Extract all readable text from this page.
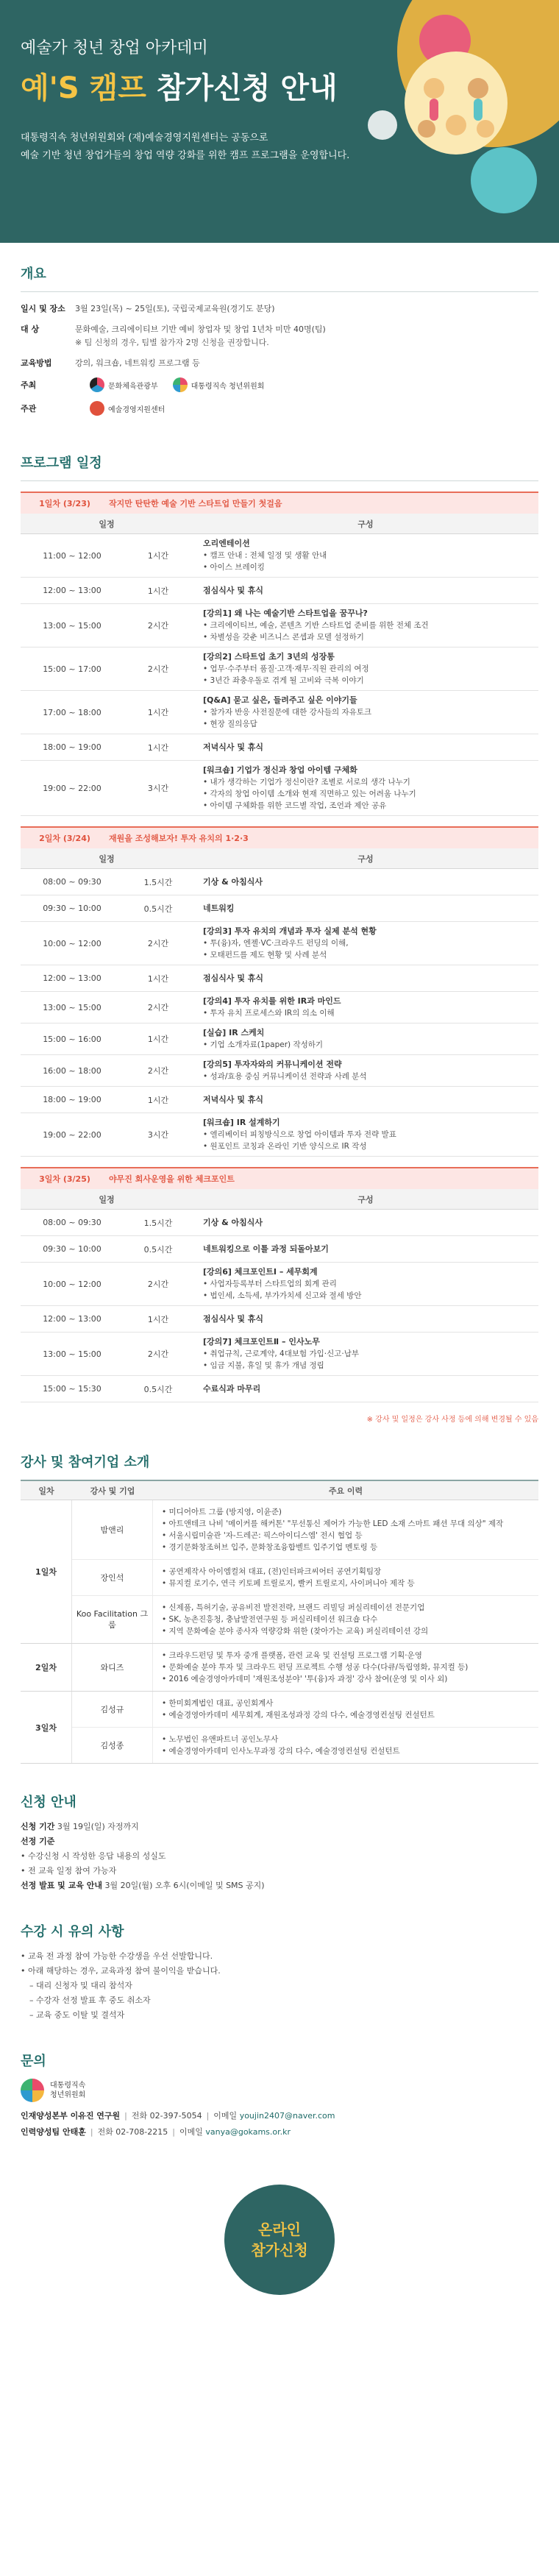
예술가 청년 창업 아카데미
예'S 캠프 참가신청 안내
대통령직속 청년위원회와 (재)예술경영지원센터는 공동으로
예술 기반 청년 창업가들의 창업 역량 강화를 위한 캠프 프로그램을 운영합니다.
개요
일시 및 장소	3월 23일(목) ~ 25일(토), 국립국제교육원(경기도 분당)
대 상	문화예술, 크리에이티브 기반 예비 창업자 및 창업 1년차 미만 40명(팀)
※ 팀 신청의 경우, 팀별 참가자 2명 신청을 권장합니다.
교육방법	강의, 워크숍, 네트워킹 프로그램 등
주최	문화체육관광부	대통령직속 청년위원회
주관	예술경영지원센터
프로그램 일정
1일차 (3/23)	작지만 탄탄한 예술 기반 스타트업 만들기 첫걸음
일정	구성
11:00 ~ 12:00	1시간
오리엔테이션
• 캠프 안내 : 전체 일정 및 생활 안내
• 아이스 브레이킹
12:00 ~ 13:00	1시간	점심식사 및 휴식
13:00 ~ 15:00	2시간
[강의1] 왜 나는 예술기반 스타트업을 꿈꾸나?
• 크리에이티브, 예술, 콘텐츠 기반 스타트업 준비를 위한 전체 조건
• 차별성을 갖춘 비즈니스 콘셉과 모델 설정하기
15:00 ~ 17:00	2시간
[강의2] 스타트업 초기 3년의 성장통
• 업무·수주부터 품질·고객·재무·직원 관리의 여정
• 3년간 좌충우돌로 겪게 될 고비와 극복 이야기
17:00 ~ 18:00	1시간
[Q&A] 묻고 싶은, 들려주고 싶은 이야기들
• 참가자 반응 사전질문에 대한 강사들의 자유토크
• 현장 질의응답
18:00 ~ 19:00	1시간	저녁식사 및 휴식
19:00 ~ 22:00	3시간
[워크숍] 기업가 정신과 창업 아이템 구체화
• 내가 생각하는 기업가 정신이란? 조별로 서로의 생각 나누기
• 각자의 창업 아이템 소개와 현재 직면하고 있는 어려움 나누기
• 아이템 구체화를 위한 코드별 작업, 조언과 제안 공유
2일차 (3/24)	재원을 조성해보자! 투자 유치의 1·2·3
일정	구성
08:00 ~ 09:30	1.5시간	기상 & 아침식사
09:30 ~ 10:00	0.5시간	네트워킹
10:00 ~ 12:00	2시간
[강의3] 투자 유치의 개념과 투자 실제 분석 현황
• 투(융)자, 엔젤·VC·크라우드 펀딩의 이해,
• 모태펀드를 제도 현황 및 사례 분석
12:00 ~ 13:00	1시간	점심식사 및 휴식
13:00 ~ 15:00	2시간
[강의4] 투자 유치를 위한 IR과 마인드
• 투자 유치 프로세스와 IR의 의소 이해
15:00 ~ 16:00	1시간
[실습] IR 스케치
• 기업 소개자료(1paper) 작성하기
16:00 ~ 18:00	2시간
[강의5] 투자자와의 커뮤니케이션 전략
• 성과/효용 중심 커뮤니케이션 전략과 사례 분석
18:00 ~ 19:00	1시간	저녁식사 및 휴식
19:00 ~ 22:00	3시간
[워크숍] IR 설계하기
• 엘리베이터 피칭방식으로 창업 아이템과 투자 전략 발표
• 원포인트 코칭과 온라인 기반 양식으로 IR 작성
3일차 (3/25)	야무진 회사운영을 위한 체크포인트
일정	구성
08:00 ~ 09:30	1.5시간	기상 & 아침식사
09:30 ~ 10:00	0.5시간	네트워킹으로 이틀 과정 되돌아보기
10:00 ~ 12:00	2시간
[강의6] 체크포인트Ⅰ – 세무회계
• 사업자등록부터 스타트업의 회계 관리
• 법인세, 소득세, 부가가치세 신고와 절세 방안
12:00 ~ 13:00	1시간	점심식사 및 휴식
13:00 ~ 15:00	2시간
[강의7] 체크포인트Ⅱ – 인사노무
• 취업규칙, 근로계약, 4대보험 가입·신고·납부
• 임금 지불, 휴일 및 휴가 개념 정립
15:00 ~ 15:30	0.5시간	수료식과 마무리
※ 강사 및 일정은 강사 사정 등에 의해 변경될 수 있음
강사 및 참여기업 소개
일차	강사 및 기업	주요 이력
1일차
밤앤리
• 미디어아트 그룹 (방지영, 이윤준)
• 아트앤테크 나비 '메이커를 해커톤' "무선통신 제어가 가능한 LED 소재 스마트 패션 무대 의상" 제작
• 서울시립미술관 '자-드레곤: 픽스아이디스엠' 전시 협업 등
• 경기문화창조허브 입주, 문화창조융합벨트 입주기업 멘토링 등
장인석
• 공연제작사 아이엠컬쳐 대표, (전)인터파크씨어터 공연기획팀장
• 뮤지컬 로기수, 연극 키토페 트릴로지, 빨커 트릴로지, 사이퍼니아 제작 등
Koo Facilitation 그룹
• 신제품, 특허기술, 공유비전 발전전략, 브랜드 리빌딩 퍼실리테이션 전문기업
• SK, 농촌진흥청, 충남발전연구원 등 퍼실리테이션 워크숍 다수
• 지역 문화예술 분야 종사자 역량강화 위한 (찾아가는 교육) 퍼실리테이션 강의
2일차	와디즈
• 크라우드펀딩 및 투자 중개 플랫폼, 관련 교육 및 컨설팅 프로그램 기획·운영
• 문화예술 분야 투자 및 크라우드 펀딩 프로젝트 수행 성공 다수(다큐/독립영화, 뮤지컬 등)
• 2016 예술경영아카데미 '재원조성분야' '투(융)자 과정' 강사 참여(운영 및 이사 외)
3일차
김성규
• 한미회계법인 대표, 공인회계사
• 예술경영아카데미 세무회계, 재원조성과정 강의 다수, 예술경영컨설팅 컨설턴트
김성종
• 노무법인 유앤파트너 공인노무사
• 예술경영아카데미 인사노무과정 강의 다수, 예술경영컨설팅 컨설턴트
신청 안내
신청 기간 3월 19일(일) 자정까지
선정 기준
• 수강신청 시 작성한 응답 내용의 성실도
• 전 교육 일정 참여 가능자
선정 발표 및 교육 안내 3월 20일(월) 오후 6시(이메일 및 SMS 공지)
수강 시 유의 사항
• 교육 전 과정 참여 가능한 수강생을 우선 선발합니다.
• 아래 해당하는 경우, 교육과정 참여 불이익을 받습니다.
– 대리 신청자 및 대리 참석자
– 수강자 선정 발표 후 중도 취소자
– 교육 중도 이탈 및 결석자
문의
대통령직속
청년위원회
인재양성본부 이유진 연구원 | 전화 02-397-5054 | 이메일 youjin2407@naver.com
인력양성팀 안태훈 | 전화 02-708-2215 | 이메일 vanya@gokams.or.kr
온라인
참가신청
